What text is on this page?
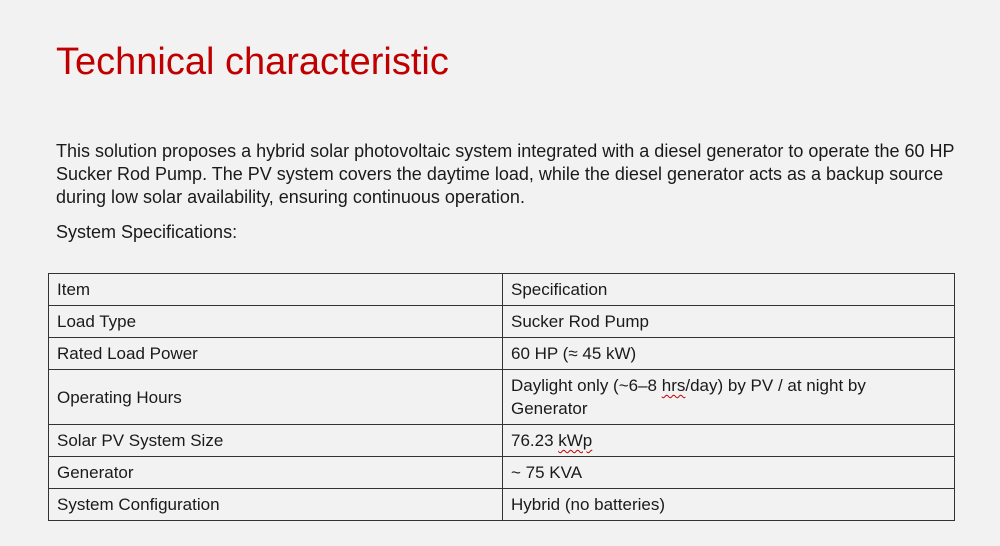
Technical characteristic

This solution proposes a hybrid solar photovoltaic system integrated with a diesel generator to operate the 60 HP Sucker Rod Pump. The PV system covers the daytime load, while the diesel generator acts as a backup source during low solar availability, ensuring continuous operation.

System Specifications:

Item	Specification
Load Type	Sucker Rod Pump
Rated Load Power	60 HP (≈ 45 kW)
Operating Hours	Daylight only (~6–8 hrs/day) by PV / at night by Generator
Solar PV System Size	76.23 kWp
Generator	~ 75 KVA
System Configuration	Hybrid (no batteries)
